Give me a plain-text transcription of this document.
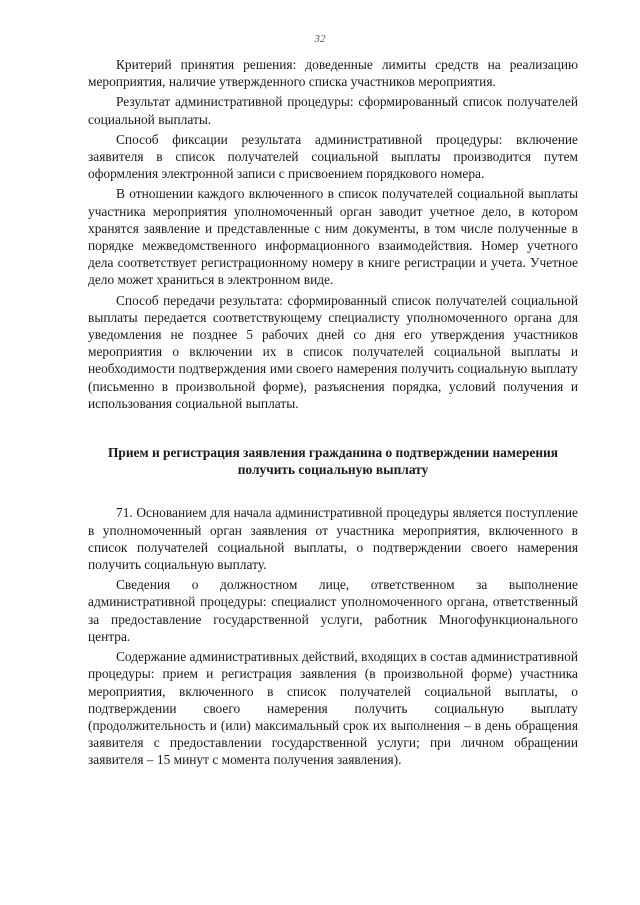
32

Критерий принятия решения: доведенные лимиты средств на реализацию мероприятия, наличие утвержденного списка участников мероприятия.

Результат административной процедуры: сформированный список получателей социальной выплаты.

Способ фиксации результата административной процедуры: включение заявителя в список получателей социальной выплаты производится путем оформления электронной записи с присвоением порядкового номера.

В отношении каждого включенного в список получателей социальной выплаты участника мероприятия уполномоченный орган заводит учетное дело, в котором хранятся заявление и представленные с ним документы, в том числе полученные в порядке межведомственного информационного взаимодействия. Номер учетного дела соответствует регистрационному номеру в книге регистрации и учета. Учетное дело может храниться в электронном виде.

Способ передачи результата: сформированный список получателей социальной выплаты передается соответствующему специалисту уполномоченного органа для уведомления не позднее 5 рабочих дней со дня его утверждения участников мероприятия о включении их в список получателей социальной выплаты и необходимости подтверждения ими своего намерения получить социальную выплату (письменно в произвольной форме), разъяснения порядка, условий получения и использования социальной выплаты.

Прием и регистрация заявления гражданина о подтверждении намерения получить социальную выплату

71. Основанием для начала административной процедуры является поступление в уполномоченный орган заявления от участника мероприятия, включенного в список получателей социальной выплаты, о подтверждении своего намерения получить социальную выплату.

Сведения о должностном лице, ответственном за выполнение административной процедуры: специалист уполномоченного органа, ответственный за предоставление государственной услуги, работник Многофункционального центра.

Содержание административных действий, входящих в состав административной процедуры: прием и регистрация заявления (в произвольной форме) участника мероприятия, включенного в список получателей социальной выплаты, о подтверждении своего намерения получить социальную выплату (продолжительность и (или) максимальный срок их выполнения – в день обращения заявителя с предоставлении государственной услуги; при личном обращении заявителя – 15 минут с момента получения заявления).
